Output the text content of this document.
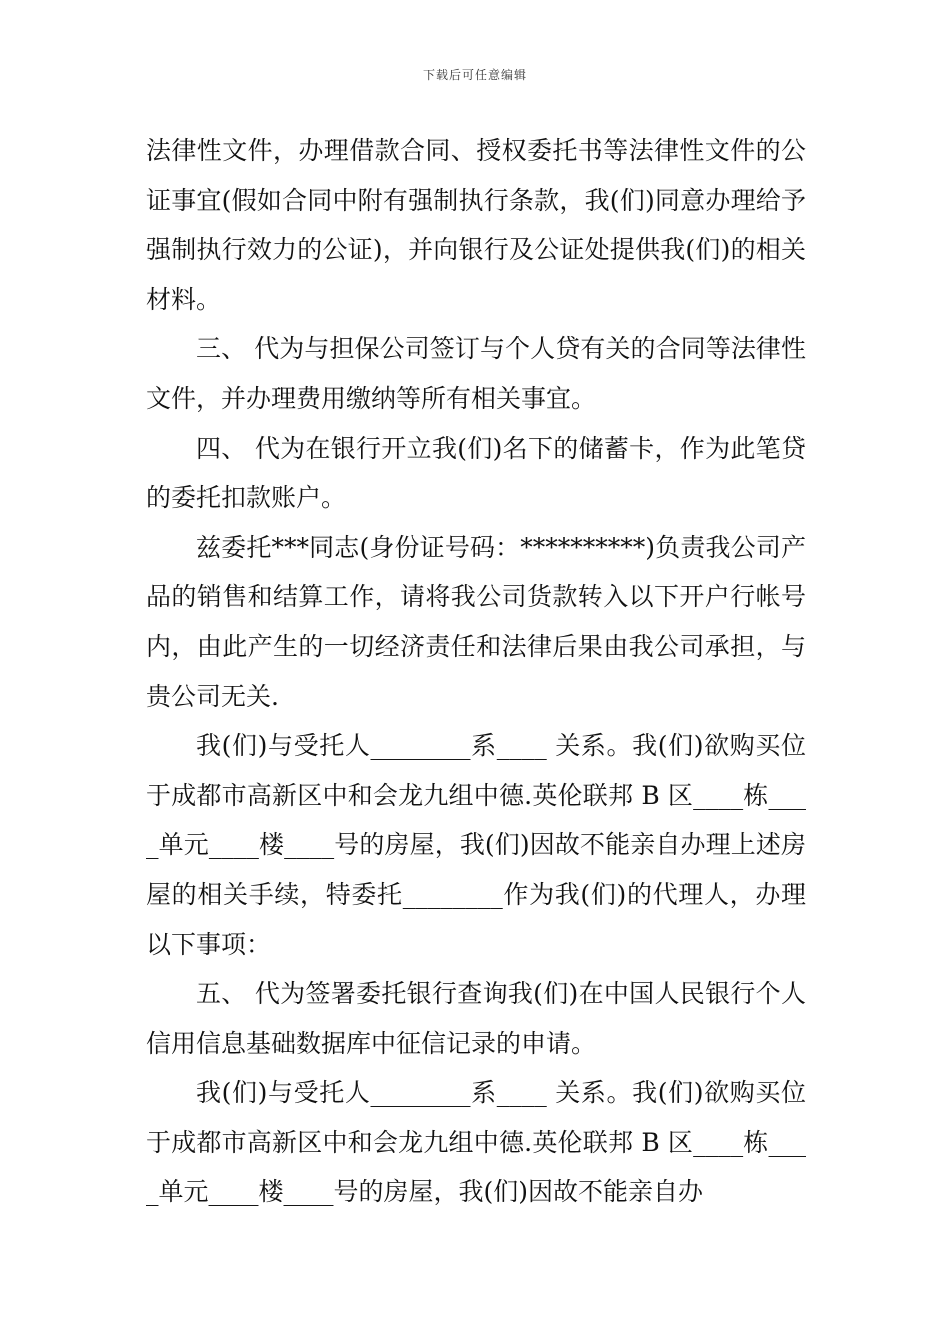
下载后可任意编辑

法律性文件，办理借款合同、授权委托书等法律性文件的公证事宜(假如合同中附有强制执行条款，我(们)同意办理给予强制执行效力的公证)，并向银行及公证处提供我(们)的相关材料。

三、 代为与担保公司签订与个人贷有关的合同等法律性文件，并办理费用缴纳等所有相关事宜。

四、 代为在银行开立我(们)名下的储蓄卡，作为此笔贷的委托扣款账户。

兹委托***同志(身份证号码：**********)负责我公司产品的销售和结算工作，请将我公司货款转入以下开户行帐号内，由此产生的一切经济责任和法律后果由我公司承担，与贵公司无关.

我(们)与受托人________系____ 关系。我(们)欲购买位于成都市高新区中和会龙九组中德.英伦联邦 B 区____栋____单元____楼____号的房屋，我(们)因故不能亲自办理上述房屋的相关手续，特委托________作为我(们)的代理人，办理以下事项：

五、 代为签署委托银行查询我(们)在中国人民银行个人信用信息基础数据库中征信记录的申请。

我(们)与受托人________系____ 关系。我(们)欲购买位于成都市高新区中和会龙九组中德.英伦联邦 B 区____栋____单元____楼____号的房屋，我(们)因故不能亲自办
